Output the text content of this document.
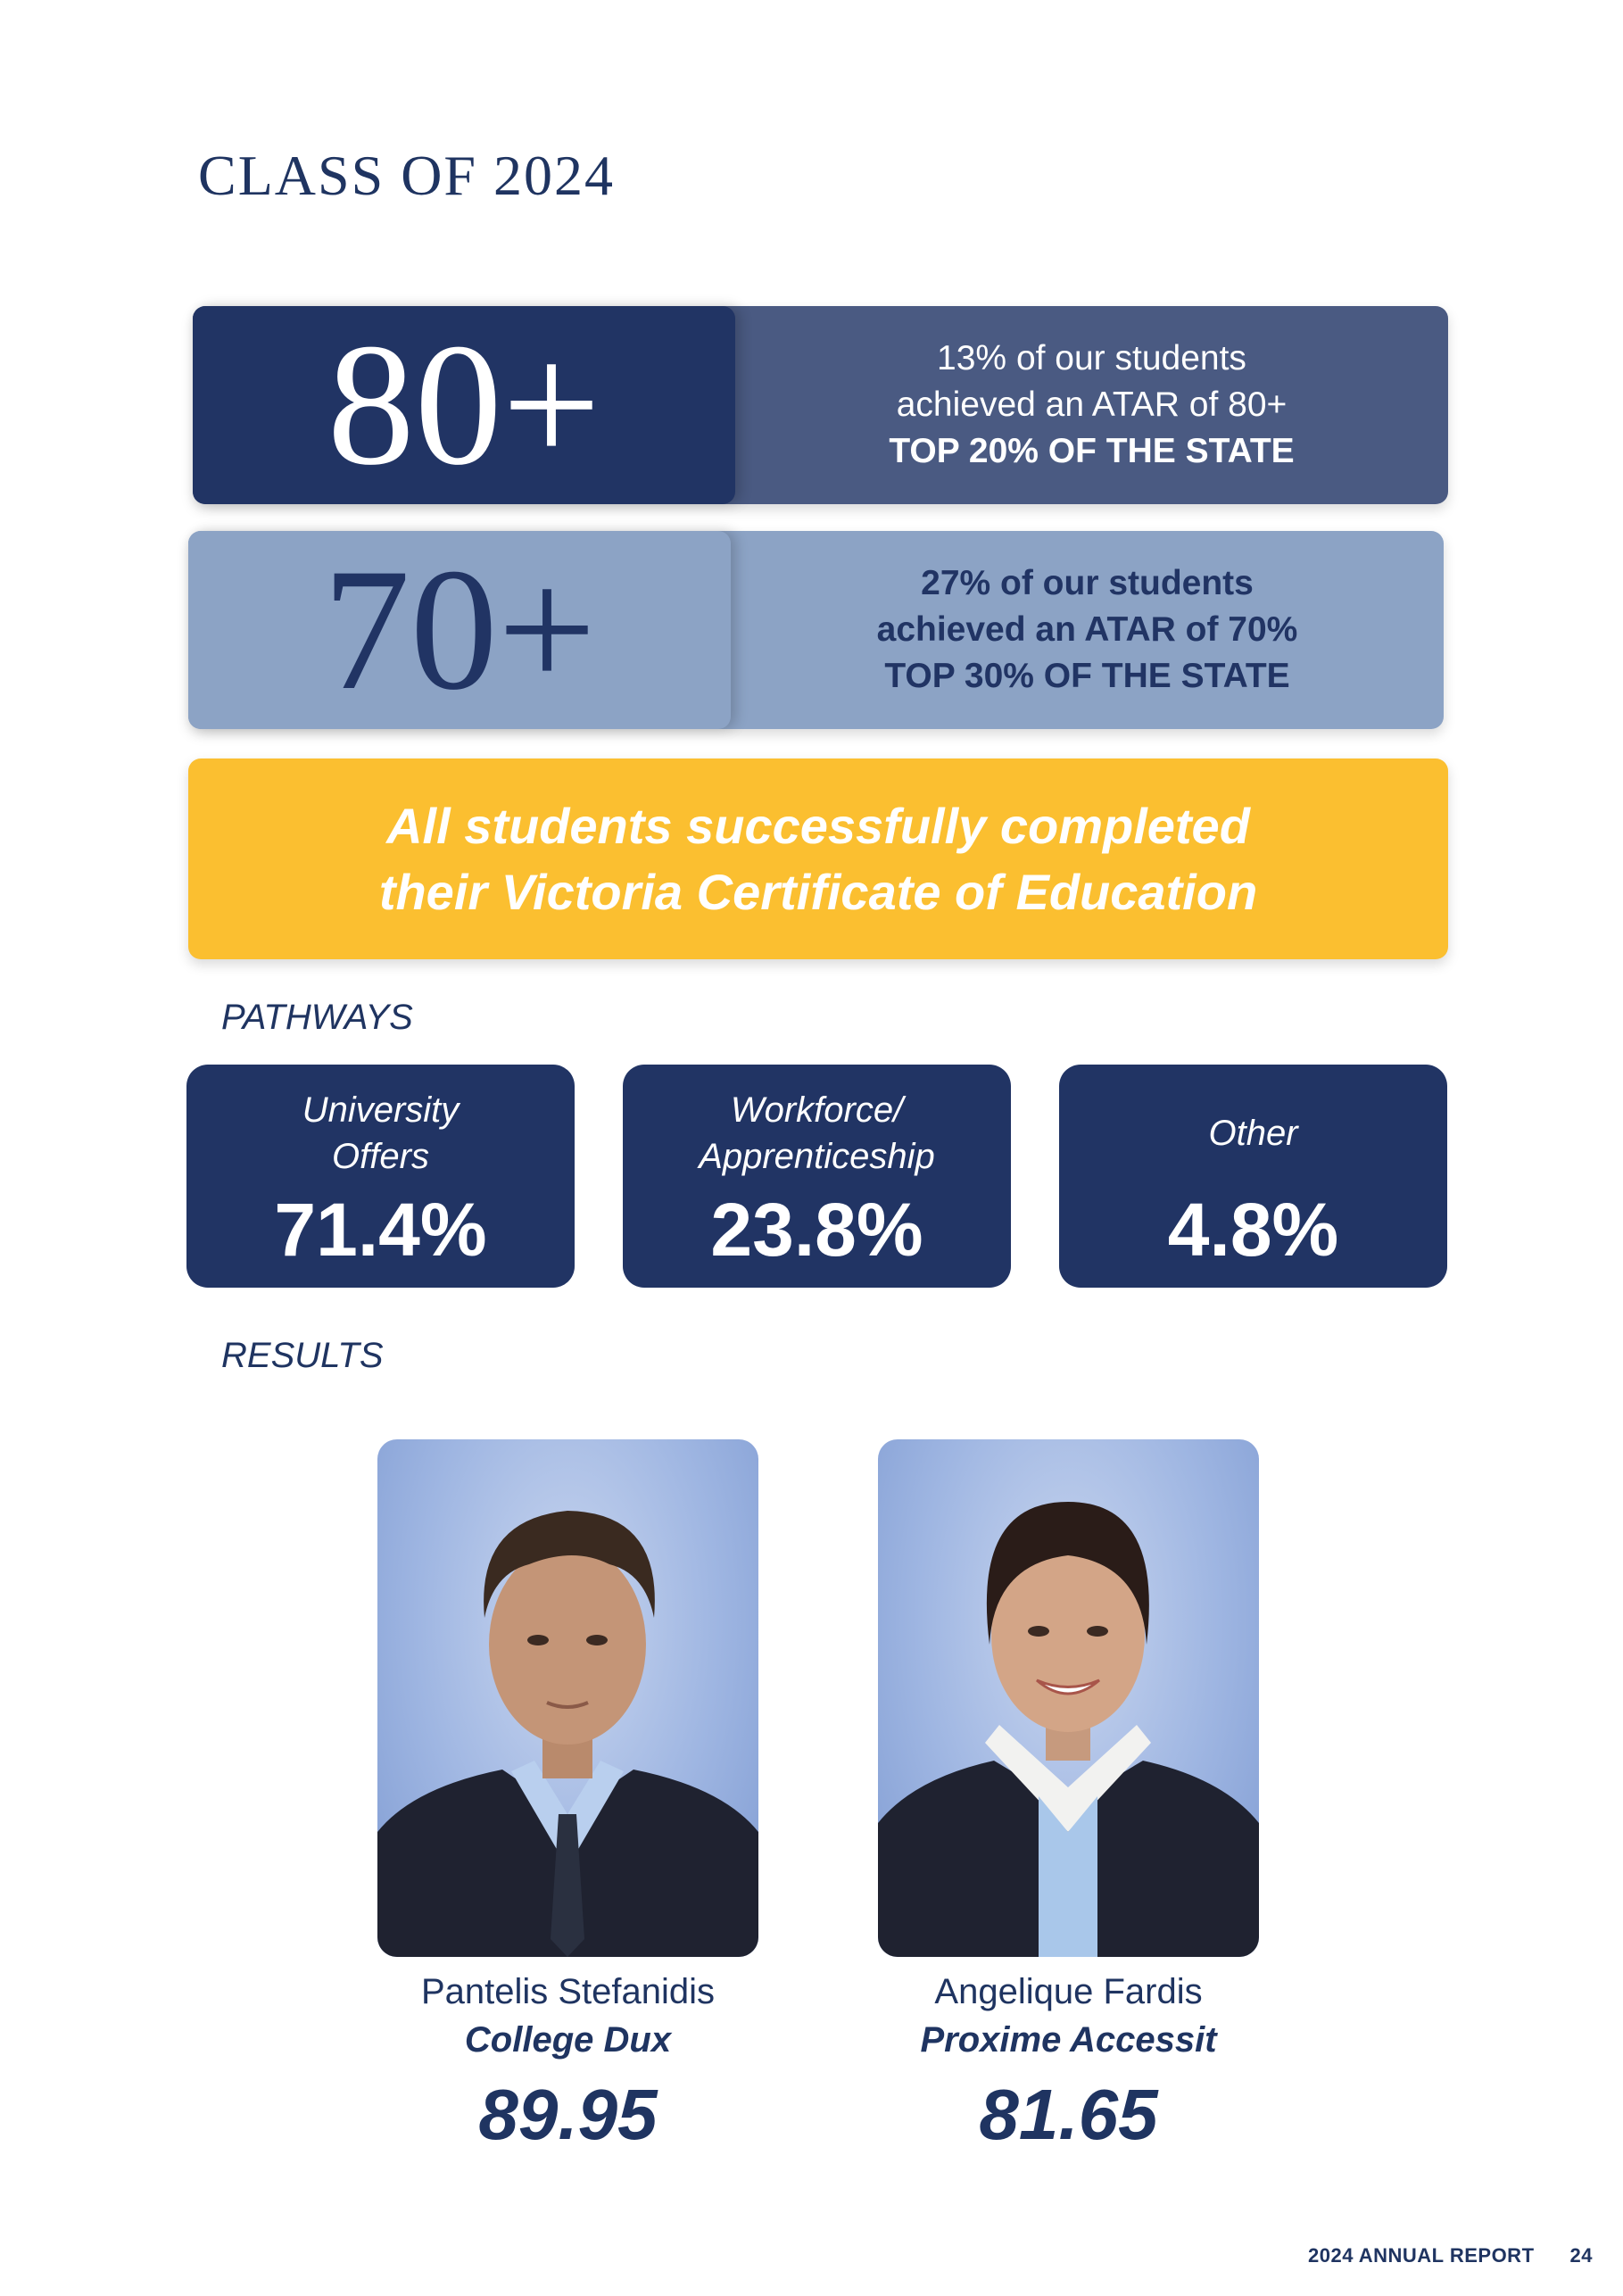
CLASS OF 2024
80+	13% of our students
achieved an ATAR of 80+
TOP 20% OF THE STATE
70+	27% of our students
achieved an ATAR of 70%
TOP 30% OF THE STATE
All students successfully completed
their Victoria Certificate of Education
PATHWAYS
University
Offers
71.4%
Workforce/
Apprenticeship
23.8%
Other
4.8%
RESULTS
Pantelis Stefanidis
College Dux
89.95
Angelique Fardis
Proxime Accessit
81.65
2024 ANNUAL REPORT 24
